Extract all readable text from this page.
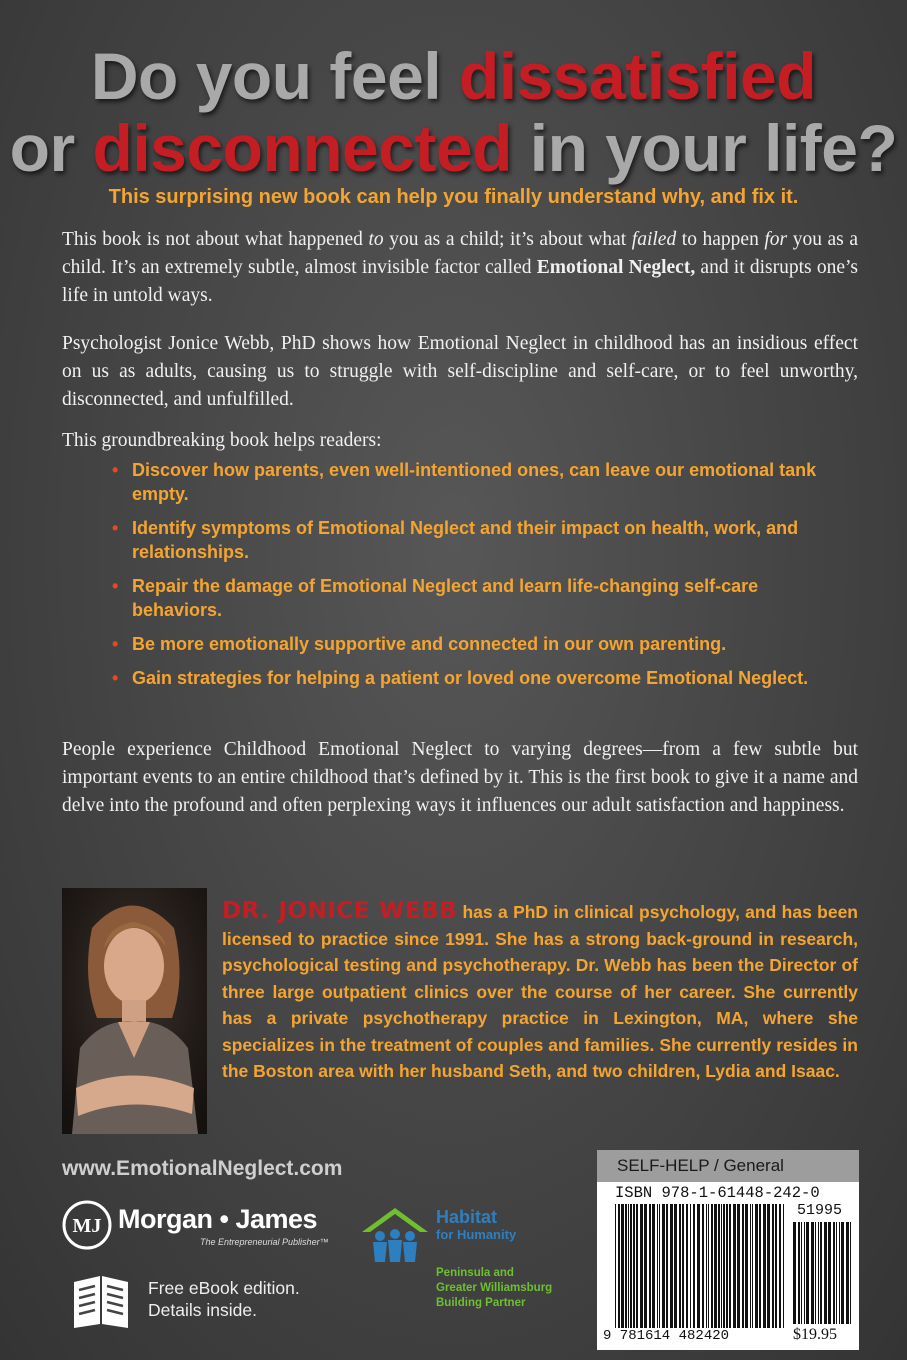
Do you feel dissatisfied
or disconnected in your life?
This surprising new book can help you finally understand why, and fix it.

This book is not about what happened to you as a child; it’s about what failed to happen for you as a child. It’s an extremely subtle, almost invisible factor called Emotional Neglect, and it disrupts one’s life in untold ways.

Psychologist Jonice Webb, PhD shows how Emotional Neglect in childhood has an insidious effect on us as adults, causing us to struggle with self-discipline and self-care, or to feel unworthy, disconnected, and unfulfilled.

This groundbreaking book helps readers:

• Discover how parents, even well-intentioned ones, can leave our emotional tank empty.
• Identify symptoms of Emotional Neglect and their impact on health, work, and relationships.
• Repair the damage of Emotional Neglect and learn life-changing self-care behaviors.
• Be more emotionally supportive and connected in our own parenting.
• Gain strategies for helping a patient or loved one overcome Emotional Neglect.

People experience Childhood Emotional Neglect to varying degrees—from a few subtle but important events to an entire childhood that’s defined by it. This is the first book to give it a name and delve into the profound and often perplexing ways it influences our adult satisfaction and happiness.

DR. JONICE WEBB has a PhD in clinical psychology, and has been licensed to practice since 1991. She has a strong back-ground in research, psychological testing and psychotherapy. Dr. Webb has been the Director of three large outpatient clinics over the course of her career. She currently has a private psychotherapy practice in Lexington, MA, where she specializes in the treatment of couples and families. She currently resides in the Boston area with her husband Seth, and two children, Lydia and Isaac.

www.EmotionalNeglect.com
MJ Morgan • James
The Entrepreneurial Publisher™
Free eBook edition.
Details inside.
Habitat
for Humanity
Peninsula and
Greater Williamsburg
Building Partner
SELF-HELP / General
ISBN 978-1-61448-242-0
51995
9 781614 482420	$19.95
